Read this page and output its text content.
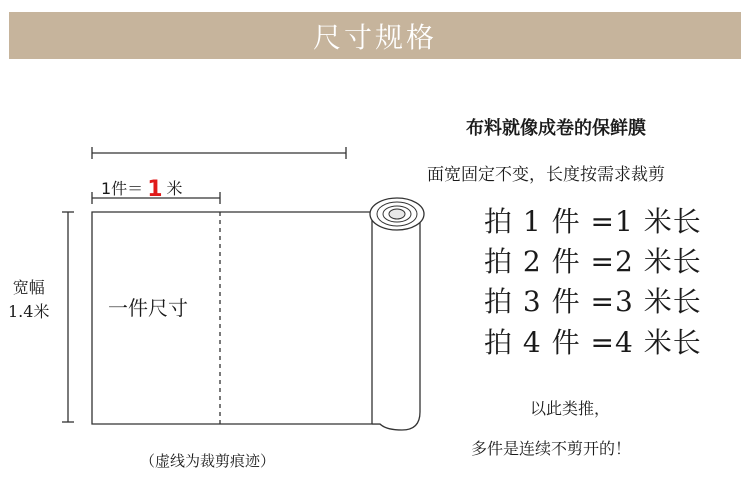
尺寸规格
1件＝ 1 米
一件尺寸
宽幅
1.4米
（虚线为裁剪痕迹）
布料就像成卷的保鲜膜
面宽固定不变，长度按需求裁剪
拍 1 件 =1 米长
拍 2 件 =2 米长
拍 3 件 =3 米长
拍 4 件 =4 米长
以此类推，
多件是连续不剪开的！
